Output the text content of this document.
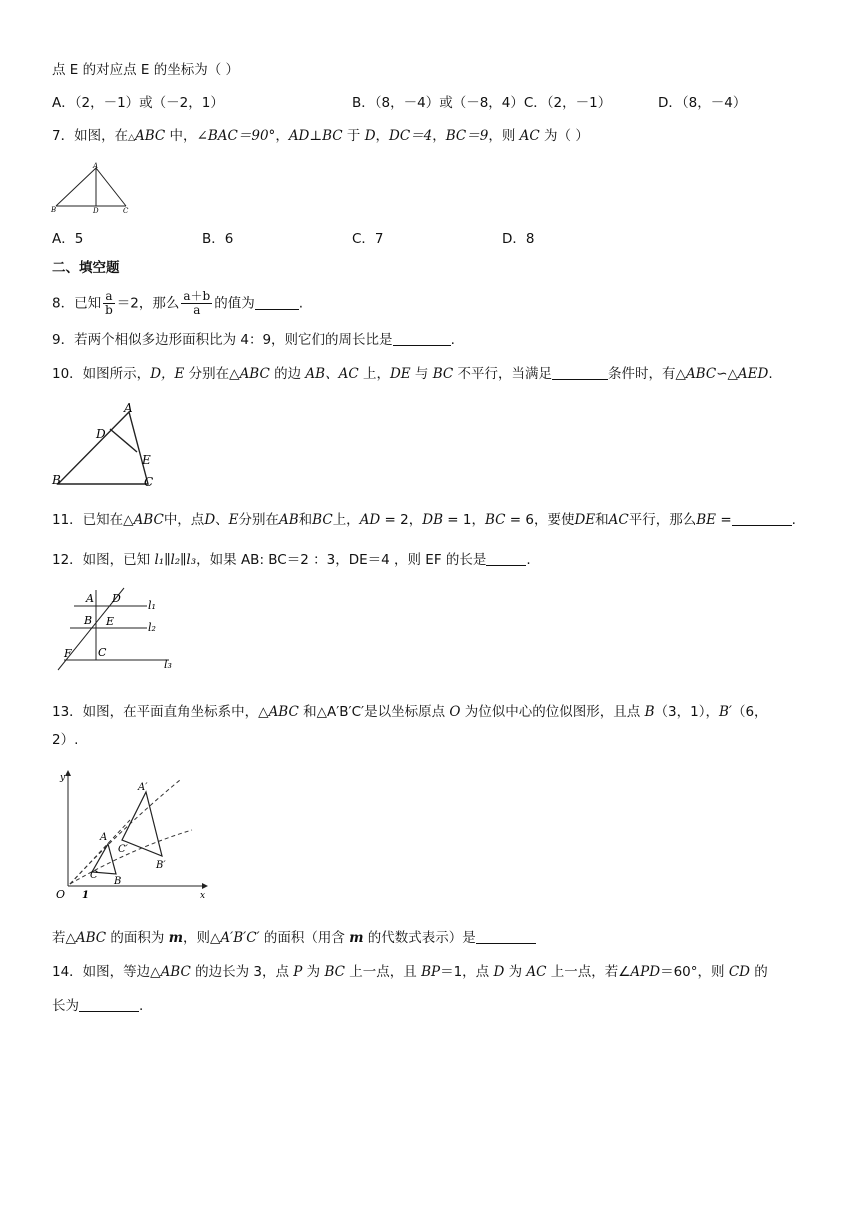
点 E 的对应点 E 的坐标为（ ）
A．（2，－1）或（－2，1）	B．（8，－4）或（－8，4）C．（2，－1）	D．（8，－4）
7．如图，在△ABC 中，∠BAC＝90°，AD⊥BC 于 D，DC＝4，BC＝9，则 AC 为（ ）
A
B	D	C
A．5	B．6	C．7	D．8
二、填空题
8．已知 $\frac{a}{b} =2$，那么 $\frac{a+b}{a}$ 的值为	.
9．若两个相似多边形面积比为 4：9，则它们的周长比是	.
10．如图所示，D，E 分别在△ABC 的边 AB、AC 上，DE 与 BC 不平行，当满足	条件时，有△ABC∽△AED.
A
D
E
B	C
11．已知在△ABC中，点D、E分别在AB和BC上，AD = 2，DB = 1，BC = 6，要使DE和AC平行，那么BE =	.
12．如图，已知 l₁∥l₂∥l₃，如果 AB: BC＝2 ：3，DE＝4 ，则 EF 的长是	.
A D
B E
F C
l₁
l₂
l₃
13．如图，在平面直角坐标系中，△ABC 和△A′B′C′是以坐标原点 O 为位似中心的位似图形，且点 B（3，1），B′（6，
2）.
y
x
O 1
A
B
C
A′
B′
C′
若△ABC 的面积为 m，则△A′B′C′ 的面积（用含 m 的代数式表示）是
14．如图，等边△ABC 的边长为 3，点 P 为 BC 上一点，且 BP＝1，点 D 为 AC 上一点，若∠APD＝60°，则 CD 的
长为	.
